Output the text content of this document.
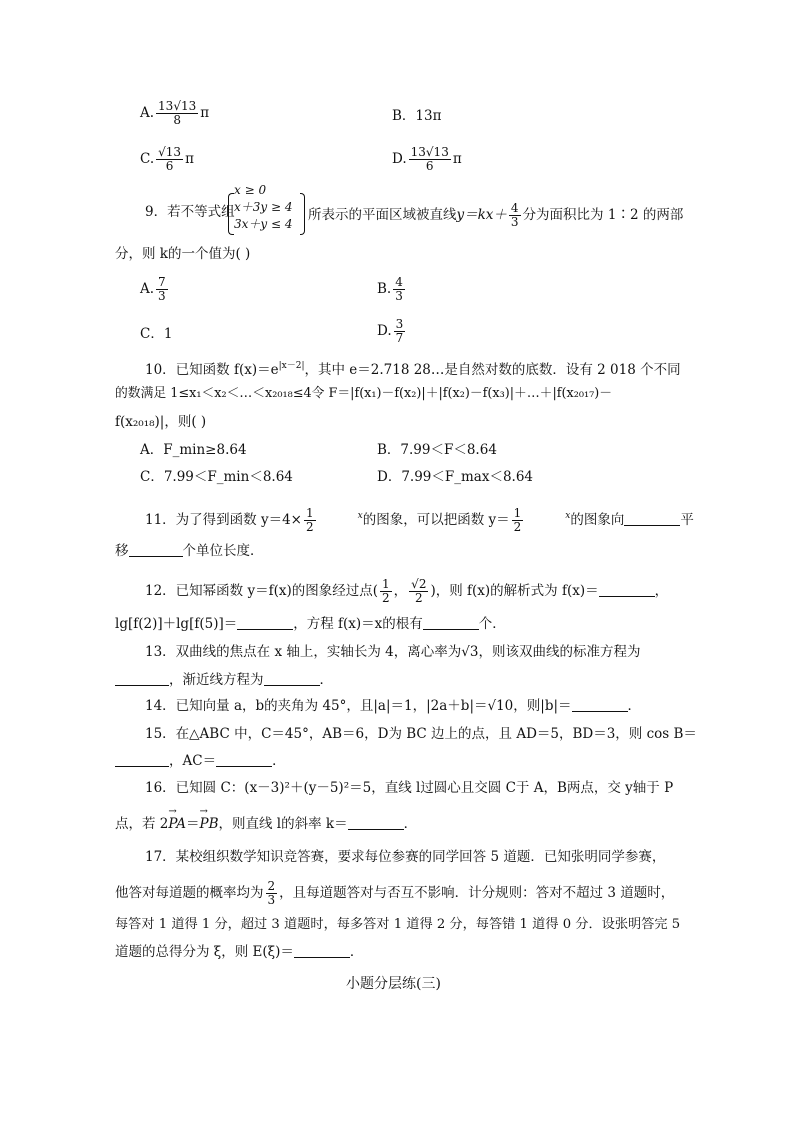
A. $\frac{13√13}{8}$ π	B．13π
C. $\frac{√13}{6}$ π	D. $\frac{13√13}{6}$ π
9．若不等式组
x ≥ 0
x＋3y ≥ 4
3x＋y ≤ 4
所表示的平面区域被直线$y=kx+ \frac{4}{3}$ 分为面积比为 1∶2 的两部
分，则 k的一个值为( )
A. $\frac{7}{3}$	B. $\frac{4}{3}$
C．1	D. $\frac{3}{7}$
10．已知函数 $f(x)=e^{|x-2|}$，其中 e＝2.718 28…是自然对数的底数．设有 2 018 个不同
的数满足 1≤x₁＜x₂＜…＜x₂₀₁₈≤4令 F＝|f(x₁)－f(x₂)|＋|f(x₂)－f(x₃)|＋…＋|f(x₂₀₁₇)－
f(x₂₀₁₈)|，则( )
A．F_min≥8.64	B．7.99＜F＜8.64
C．7.99＜F_min＜8.64	D．7.99＜F_max＜8.64
11．为了得到函数 $y=4\times \frac{1}{2}$	$^x$的图象，可以把函数 $y= \frac{1}{2}$	$^x$的图象向	平
移	个单位长度．
12．已知幂函数 y＝f(x)的图象经过点( $\frac{1}{2}$ ， $\frac{√2}{2}$ )，则 f(x)的解析式为 f(x)＝	，
lg[f(2)]＋lg[f(5)]＝	，方程 f(x)＝x的根有	个．
13．双曲线的焦点在 x 轴上，实轴长为 4，离心率为√3，则该双曲线的标准方程为
，渐近线方程为	．
14．已知向量 a，b的夹角为 45°，且|a|＝1，|2a＋b|＝√10，则|b|＝	．
15．在△ABC 中，C＝45°，AB＝6，D为 BC 边上的点，且 AD＝5，BD＝3，则 cos B＝
，AC＝	．
16．已知圆 C：(x－3)²＋(y－5)²＝5，直线 l过圆心且交圆 C于 A，B两点，交 y轴于 P
点，若 2→ PA＝→ PB，则直线 l的斜率 k＝	．
17．某校组织数学知识竞答赛，要求每位参赛的同学回答 5 道题．已知张明同学参赛，
他答对每道题的概率均为 $\frac{2}{3}$ ，且每道题答对与否互不影响．计分规则：答对不超过 3 道题时，
每答对 1 道得 1 分，超过 3 道题时，每多答对 1 道得 2 分，每答错 1 道得 0 分．设张明答完 5
道题的总得分为 ξ，则 E(ξ)＝	．
小题分层练(三)
